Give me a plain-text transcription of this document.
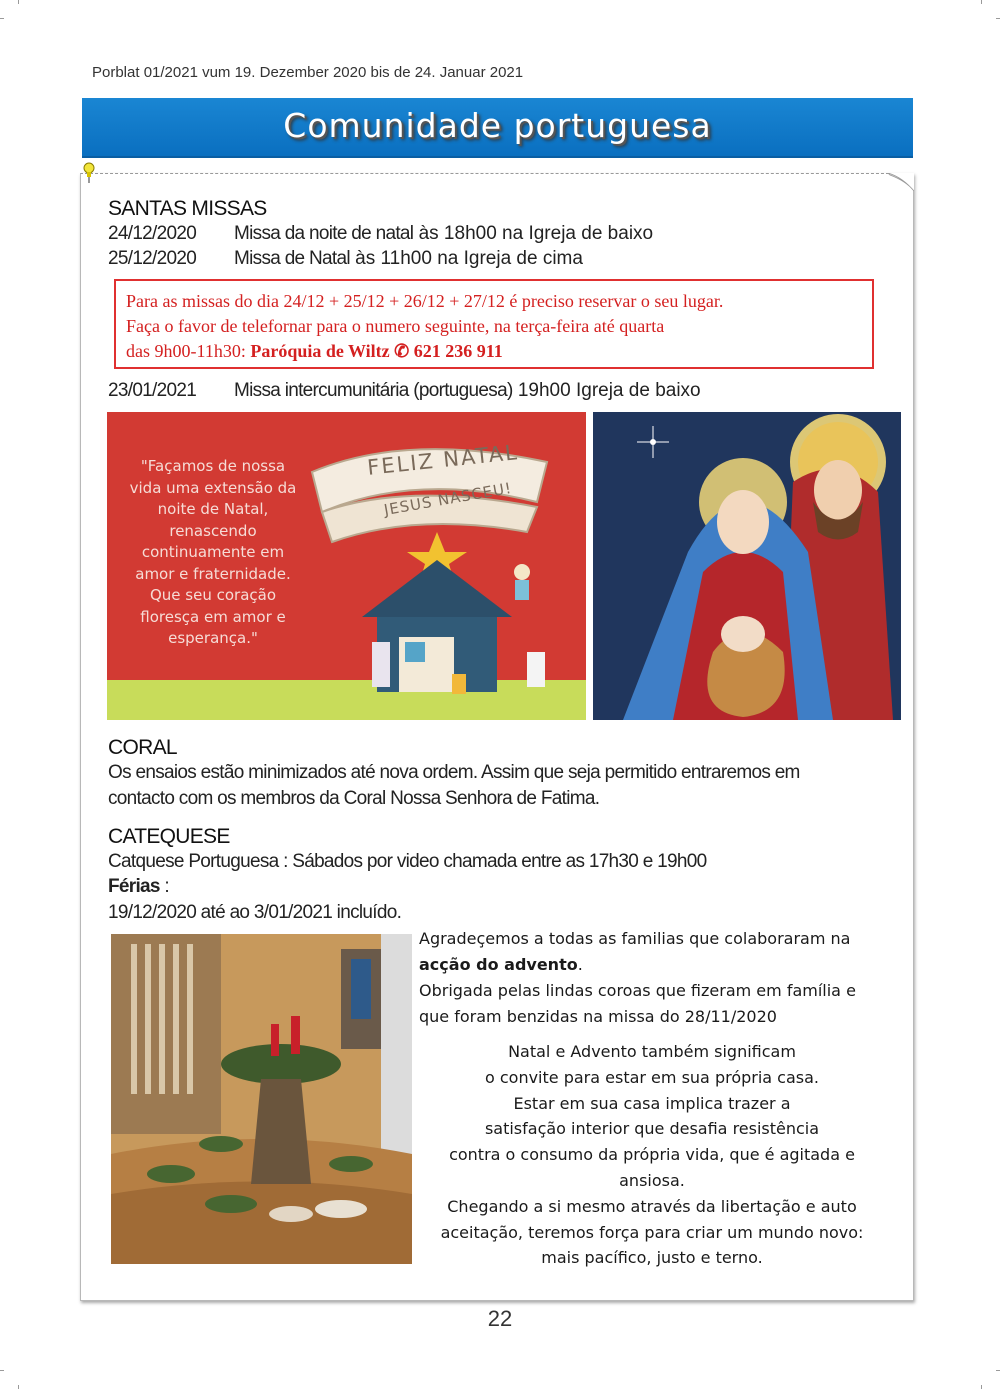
Porblat 01/2021 vum 19. Dezember 2020 bis de 24. Januar 2021
Comunidade portuguesa
SANTAS MISSAS
24/12/2020 Missa da noite de natal às 18h00 na Igreja de baixo
25/12/2020 Missa de Natal às 11h00 na Igreja de cima
Para as missas do dia 24/12 + 25/12 + 26/12 + 27/12 é preciso reservar o seu lugar.
Faça o favor de telefornar para o numero seguinte, na terça-feira até quarta
das 9h00-11h30: Paróquia de Wiltz ✆ 621 236 911
23/01/2021 Missa intercumunitária (portuguesa) 19h00 Igreja de baixo
FELIZ NATAL
JESUS NASCEU!
"Façamos de nossa
vida uma extensão da
noite de Natal,
renascendo
continuamente em
amor e fraternidade.
Que seu coração
floresça em amor e
esperança."
CORAL
Os ensaios estão minimizados até nova ordem. Assim que seja permitido entraremos em
contacto com os membros da Coral Nossa Senhora de Fatima.
CATEQUESE
Catquese Portuguesa : Sábados por video chamada entre as 17h30 e 19h00
Férias :
19/12/2020 até ao 3/01/2021 incluído.
Agradeçemos a todas as familias que colaboraram na
acção do advento.
Obrigada pelas lindas coroas que fizeram em família e
que foram benzidas na missa do 28/11/2020
Natal e Advento também significam
o convite para estar em sua própria casa.
Estar em sua casa implica trazer a
satisfação interior que desafia resistência
contra o consumo da própria vida, que é agitada e
ansiosa.
Chegando a si mesmo através da libertação e auto
aceitação, teremos força para criar um mundo novo:
mais pacífico, justo e terno.
22
